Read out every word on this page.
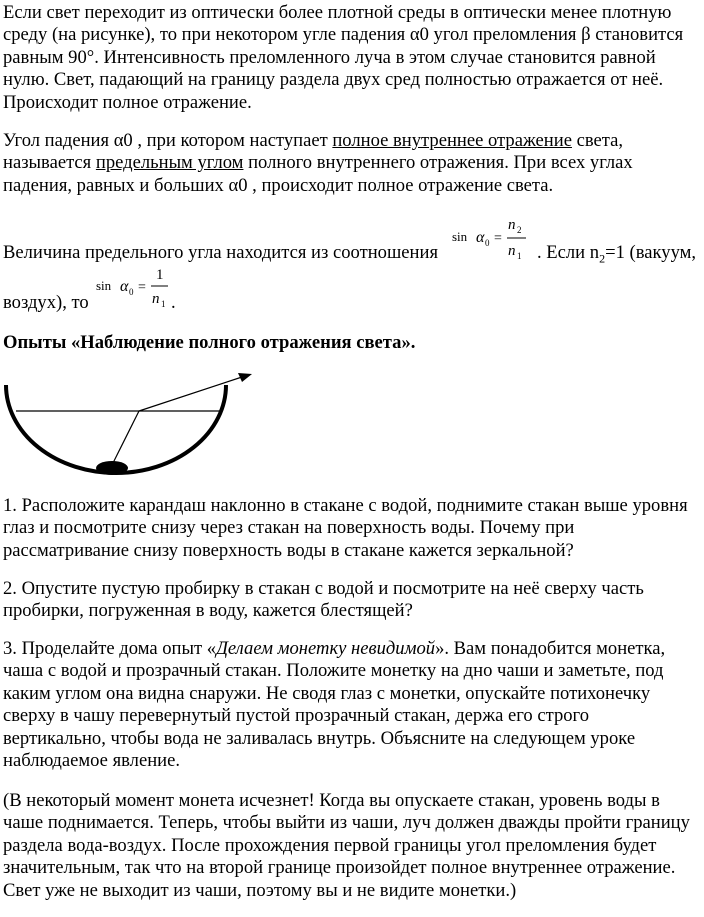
Если свет переходит из оптически более плотной среды в оптически менее плотную

среду (на рисунке), то при некотором угле падения α0 угол преломления β становится

равным 90°. Интенсивность преломленного луча в этом случае становится равной

нулю. Свет, падающий на границу раздела двух сред полностью отражается от неё.

Происходит полное отражение.

Угол падения α0 , при котором наступает полное внутреннее отражение света,

называется предельным углом полного внутреннего отражения. При всех углах

падения, равных и больших α0 , происходит полное отражение света.

Величина предельного угла находится из соотношения

sin α 0 =
n 2
n 1 . Если $n_2=1$ (вакуум,

воздух), то

sin α 0 =
1
n 1 .

Опыты «Наблюдение полного отражения света».

1. Расположите карандаш наклонно в стакане с водой, поднимите стакан выше уровня

глаз и посмотрите снизу через стакан на поверхность воды. Почему при

рассматривание снизу поверхность воды в стакане кажется зеркальной?

2. Опустите пустую пробирку в стакан с водой и посмотрите на неё сверху часть

пробирки, погруженная в воду, кажется блестящей?

3. Проделайте дома опыт «Делаем монетку невидимой». Вам понадобится монетка,

чаша с водой и прозрачный стакан. Положите монетку на дно чаши и заметьте, под

каким углом она видна снаружи. Не сводя глаз с монетки, опускайте потихонечку

сверху в чашу перевернутый пустой прозрачный стакан, держа его строго

вертикально, чтобы вода не заливалась внутрь. Объясните на следующем уроке

наблюдаемое явление.

(В некоторый момент монета исчезнет! Когда вы опускаете стакан, уровень воды в

чаше поднимается. Теперь, чтобы выйти из чаши, луч должен дважды пройти границу

раздела вода-воздух. После прохождения первой границы угол преломления будет

значительным, так что на второй границе произойдет полное внутреннее отражение.

Свет уже не выходит из чаши, поэтому вы и не видите монетки.)
